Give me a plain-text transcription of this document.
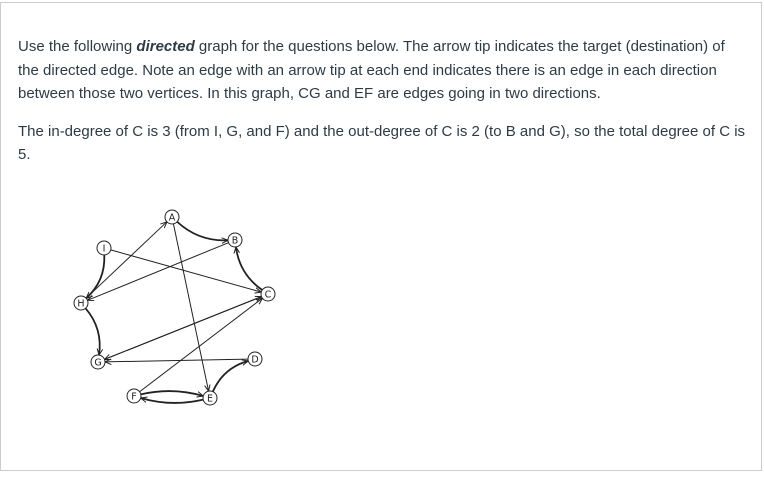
Use the following directed graph for the questions below. The arrow tip indicates the target (destination) of the directed edge. Note an edge with an arrow tip at each end indicates there is an edge in each direction between those two vertices. In this graph, CG and EF are edges going in two directions.

The in-degree of C is 3 (from I, G, and F) and the out-degree of C is 2 (to B and G), so the total degree of C is 5.

A
B
C
D
E
F
G
H
I
